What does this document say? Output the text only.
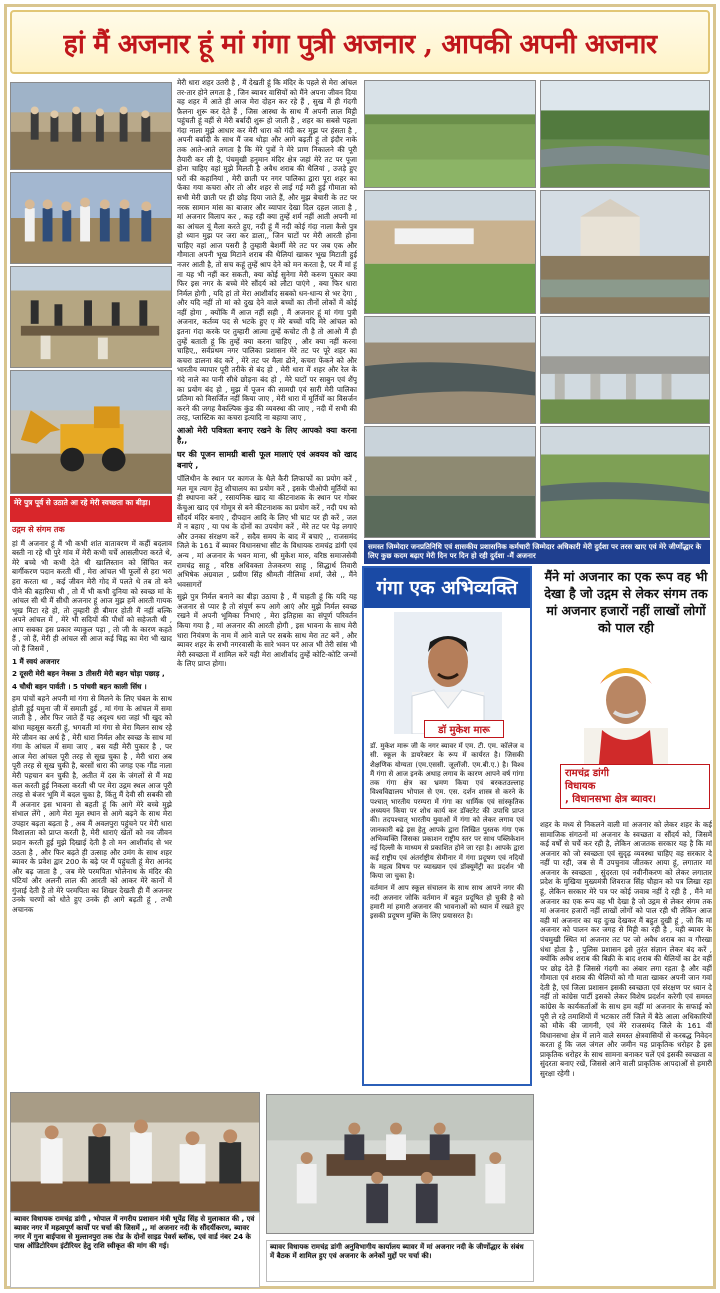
हां मैं अजनार हूं मां गंगा पुत्री अजनार , आपकी अपनी अजनार
मेरे पुत्र पूर्व से उठाते आ रहे मेरी स्वच्छता का बीड़ा।

उद्गम से संगम तक

हां मैं अजनार हूं मैं भी कभी शांत वातावरण में कहीं बदलाव बस्ती ना रहे थी पुरे गांव में मेरी कभी चर्चे आसलीपरा करते थे, मेरे बच्चे भी कभी देते थी खालिस्तान को सिंचित कर बार्गीकरण पदान करती थीं , मेरा आंचल भी फूलों से हरा भरा हरा करता था , कई जीवन मेरी गोद में पलते थे तब तो बने पीने की बहारिया थी , तो मैं भी कभी दुनिया को स्वच्छ मां के आंचल सी थी मैं सीधी अजनार हूं आज मुझ हमें आरती गायक भूख मिटा रहे हो, तो तुम्हारी ही बीमार होती मैं नहीं बल्कि अपने आंचल में , मेरे भी सदियों की पौधों को सहेजती थी , आप सबका इस प्रकार व्याकुल पड़ा , तो जी के कारण कहते हैं , जो हैं, मेरी ही आंचल सी आज कई चिह्न का मेरा भी खाद जो हैं जिसमें ,

1 मैं स्वयं अजनार

2 दूसरी मेरी बहन नेकस 3 तीसरी मेरी बहन चोड़ा पछाड़ ,

4 चौथी बहन पार्वती । 5 पांचवी बहन काली सिंध ।

हम पांचों बहने अपनी मां गंगा से मिलने के लिए चंबल के साथ होती हुई यमुना जी में समाती हुई , मां गंगा के आंचल में समा जाती है , और फिर जाते हैं यह अदृश्य धरा जहां भी खुद को बांधा महसूस करती हूं, भगवती मां गंगा से मेरा मिलन साथ रहे मेरे जीवन का अर्थ है , मेरी धारा निर्मल और स्वच्छ के साथ मां गंगा के आंचल में समा जाए , बस यही मेरी पुकार है , पर आज मेरा आंचल पूरी तरह से सूख चुका है , मेरी धारा अब पूरी तरह से सूख चुकी है, बरसों धारा की जगह एक गौंड नाला मेरी पहचान बन चुकी है, अतीत में दस के जंगलों से मैं मद्य कल करती हुई निकला करती थी पर मेरा उद्गम स्थल आज पूरी तरह से बंजर भूमि में बदल चुका है, किंतु मैं देवी सी सबकी सी मैं अजनार इस भावना से बहती हूं कि आगे मेरे बच्चे मुझे संभाल लेंगे , आगे मेरा मूल स्थान से आगे बढ़ने के साथ मेरा उपहार बढ़ता बढ़ता है , अब मैं अवलपुरा पहुंचने पर मेरी धारा विशालता को प्राप्त करती है, मेरी धाराएं खेतों को नव जीवन प्रदान करती हुई मुझे दिखाई देती है तो मन आशीर्वाद से भर उठता है , और फिर बढ़ते ही उत्साह और उमंग के साथ शहर ब्यावर के प्रवेश द्वार 200 के बढ़े पर मैं पहुंचती हूं मेरा आनंद और बढ़ जाता है , जब मेरे परमपिता भोलेनाथ के मंदिर की घंटियां और अलनी लाल की आरती को आकर मेरे कानों में गुंजाई देती है तो मेरे परमपिता का शिखर देखती ही मैं अजनार उनके चरणों को धोते हुए उनके ही आगे बढ़ती हूं , तभी अचानक

मेरी धारा शहर उतरी है , मैं देखती हूं कि मंदिर के पहले से मेरा आंचल तर-तार होने लगता है , जिन ब्यावर वासियों को मैंने अपना जीवन दिया वह शहर में आते ही आज मेरा दोहन कर रहे हैं , सुख में ही गंदगी फ़ैलना शुरू कर देते हैं , जिस आस्था के साथ मैं अपनी लाल मिट्टी पहुंचती हूं वहीं से मेरी बर्बादी शुरू हो जाती है , शहर का सबसे पहला गंदा नाला मुझे आधार कर मेरी धारा को गंदी कर मुझ पर हंसता है , अपनी बर्बादी के साथ मैं जब थोड़ा और आगे बढ़ती हूं तो इंदौर नाके तक आते-आते लगता है कि मेरे पुत्रों ने मेरे प्राण निकालने की पूरी तैयारी कर ली है, पंचमुखी हनुमान मंदिर क्षेत्र जहां मेरे तट पर पूजा होना चाहिए वहां मुझे मिलती है अवैध शराब की थैलियां , उजड़े हुए घरों की कहानियां , मेरी छाती पर नगर पालिका द्वारा पूरा शहर का फेंका गया कचरा और तो और शहर से लाई गई मरी हुई गौमाता को सभी मेरी छाती पर ही छोड़ दिया जाते हैं, और मुझ बेचारी के तट पर नरक सामान मांस का बाजार और व्यापार देखा दिल दहल जाता है , मां अजनार विलाप कर , कह रही क्या तुम्हें शर्म नहीं आती अपनी मां का आंचल यूं मैला करते हुए, नदी हूं मैं नदी कोई गंदा नाला कैसे पुत्र हो ध्यान मुझ पर जरा कर डाला,, जिन घाटों पर मेरी आरती होना चाहिए वहां आज पसरी है तुम्हारी बेशर्मी मेरे तट पर जब एक और गौमाता अपनी भूख मिटाने शराब की थैलियां खाकर भूख मिटाती हुई नजर आती है, तो सच कहूं तुम्हें श्राप देने को मन करता है, पर मैं मां हूं ना यह भी नहीं कर सकती, क्या कोई सुनेगा मेरी करुण पुकार क्या फिर इस नगर के बच्चे मेरे सौंदर्य को लौटा पाएंगे , क्या फिर धारा निर्मल होगी , यदि हां तो मेरा आशीर्वाद सबको धन-धान्य से भर देगा , और यदि नहीं तो मां को दुख देने वाले बच्चों का तीनों लोकों में कोई नहीं होगा , क्योंकि मैं आज नहीं सही , मैं अजनार हूं मां गंगा पुत्री अजनार, कर्तव्य पद से भटके हुए ए मेरे बच्चों यदि मेरे आंचल को इतना गंदा करके पर तुम्हारी आत्मा तुम्हें कचोट ती है तो आओ मैं ही तुम्हें बताती हूं कि तुम्हें क्या करना चाहिए , और क्या नहीं करना चाहिए,, सर्वप्रथम नगर पालिका प्रशासन मेरे तट पर पूरे शहर का कचरा डालना बंद करें , मेरे तट पर मैला ढोने, कचरा फेंकने को और भारतीय व्यापार पूरी तरीके से बंद हो , मेरी धारा में शहर और रेल के गंदे नाले का पानी सीधे छोड़ना बंद हो , मेरे घाटों पर साबुन एवं शैंपू का प्रयोग बंद हो , मुझ में पूजन की सामग्री एवं सारी मेरी पालिका प्रतिमा को विसर्जित नहीं किया जाए , मेरी धारा में मूर्तियों का विसर्जन करने की जगह वैकल्पिक कुंड की व्यवस्था की जाए , नदी में सभी की तरह, प्लास्टिक का कचरा इत्यादि ना बहाया जाए ,

आओ मेरी पवित्रता बनाए रखने के लिए आपको क्या करना है,,

घर की पूजन सामग्री बासी फूल मालाएं एवं अवयव को खाद बनाएं ,

पॉलिथीन के स्थान पर कागज के थैले कैरी लिफाफों का प्रयोग करें , मल मूत्र त्याग हेतु शौचालय का प्रयोग करें , इसके पीओपी मूर्तियों का ही स्थापना करें , रसायनिक खाद या कीटनाशक के स्थान पर गोबर केंचुआ खाद एवं गोमूत्र से बने कीटनाशक का प्रयोग करें , नदी पथ को सौंदर्य मंदिर बनाएं , दीपदान आदि के लिए भी घाट पर ही करें , जल में न बहाए , या पथ के दोनों का उपयोग करें , मेरे तट पर पेड़ लगाएं और उनका संरक्षण करें , सदैव समय के बाद में बचाएं ,, राजसमंद जिले के 161 वें ब्यावर विधानसभा सीट के विधायक रामचंद्र डांगी एवं अन्य , मां अजनार के भवन माना, श्री मुकेश मारु, वरिष्ठ समाजसेवी रामचंद्र साहू , वरिष्ठ अधिवक्ता तेजकरण साहू , सिद्धार्थ तिवारी अभिषेक अग्रवाल , प्रवीण सिंह श्रीमती नीलिमा शर्मा, जैसे ,, मैंने भवसागरों

सुझे पुत्र निर्मल बनाने का बीड़ा उठाया है , मैं चाहती हूं कि यदि यह अजनार से प्यार है तो संपूर्ण रूप आगे आएं और मुझे निर्मल स्वच्छ रखने में अपनी भूमिका निभाएं , मेरा इतिहास का संपूर्ण परिवर्तन किया गया है , मां अजनार की आरती होगी , इस भावना के साथ मेरी धारा नियंत्रण के नाम में आने वाले पर सबके साथ मेरा तट बनें , और ब्यावर शहर के सभी नगरवासी के सारे भवन पर आज भी तेरी सांस भी मेरी स्वच्छता में शामिल करें यही मेरा आशीर्वाद तुम्हें कोटि-कोटि जन्मों के लिए प्राप्त होगा।

समस्त जिम्मेदार जनप्रतिनिधि एवं शासकीय प्रशासनिक कर्मचारी जिम्मेदार अधिकारी मेरी दुर्दशा पर तरस खाए एवं मेरे जीर्णोद्धार के लिए कुछ कदम बढ़ाए मेरी दिन पर दिन हो रही दुर्दशा -मैं अजनार
गंगा एक अभिव्यक्ति
डॉ मुकेश मारू

डॉ. मुकेश मारू जी के नगर ब्यावर में एम. टी. एम. कॉलेज व सी. स्कूल के डायरेक्टर के रूप में कार्यरत है। जिसकी शैक्षणिक योग्यता (एम.एससी. जूलॉजी. एम.बी.ए.) है। विश्व मैं गंगा से आज इनके अथाह लगाव के कारण आपने वर्ष गांगा तक गंगा क्षेत्र का भ्रमण किया एवं बरकतउल्लाह विश्वविद्यालय भोपाल से एम. एस. दर्शन शास्त्र से करने के पश्चात् भारतीय परम्परा में गंगा का धार्मिक एवं सांस्कृतिक अध्ययन किया पर शोध कार्य कर डॉक्टरेट की उपाधि प्राप्त की। तदपश्चात् भारतीय युवाओं में गंगा को लेकर लगाव एवं जानकारी बढ़े इस हेतु आपके द्वारा लिखित पुस्तक गंगा एक अभिव्यक्ति जिसका प्रकाशन राष्ट्रीय स्तर पर साथ पब्लिकेशन नई दिल्ली के माध्यम से प्रकाशित होने जा रहा है। आपके द्वारा कई राष्ट्रीय एवं अंतर्राष्ट्रीय सेमीनार में गंगा प्रदूषण एवं नदियों के महत्व विषय पर व्याख्यान एवं डॉक्यूमेंट्री का प्रदर्शन भी किया जा चुका है।

वर्तमान में आप स्कूल संचालन के साथ साथ आपने नगर की नदी अजनार जोकि वर्तमान में बहुत प्रदूषित हो चुकी है को हमारी मां हमारी अजनार की भावनाओं को ध्यान में रखते हुए इसकी प्रदूषण मुक्ति के लिए प्रयासरत है।

मैंने मां अजनार का एक रूप वह भी देखा है जो उद्गम से लेकर संगम तक मां अजनार हजारों नहीं लाखों लोगों को पाल रही
रामचंद्र डांगी
विधायक
, विधानसभा क्षेत्र ब्यावर।

शहर के मध्य से निकलने वाली मां अजनार को लेकर शहर के कई सामाजिक संगठनों मां अजनार के स्वच्छता व सौंदर्य को, जिसमें कई वर्षों से चर्चे कर रही है, लेकिन आजतक सरकार यह है कि मां अजनार को जो स्वच्छता एवं सुदृढ़ व्यवस्था चाहिए वह सरकार दे नहीं पा रही, जब से मैं उपचुनाव जीतकर आया हूं, लगातार मां अजनार के स्वच्छता , सुंदरता एवं नवीनीकरण को लेकर लगातार प्रदेश के मुखिया मुख्यमंत्री शिवराज सिंह चौहान को पत्र लिखा रहा हूं, लेकिन सरकार मेरे पत्र पर कोई जवाब नहीं दे रही है , मैंने मां अजनार का एक रूप वह भी देखा है जो उद्गम से लेकर संगम तक मां अजनार हजारों नहीं लाखों लोगों को पाल रही थी लेकिन आज वही मां अजनार का यह दुःख देखकर मैं बहुत दुखी हूं , जो कि मां अजनार को पालन कर जगह से मिट्टी का रही है , यही ब्यावर के पंचमुखी स्थित मां अजनार तट पर जो अवैध शराब का व गौरखा धंधा होता है , पुलिस प्रशासन इसे तुरंत संज्ञान लेकर बंद करें , क्योंकि अवैध शराब की बिक्री के बाद शराब की थैलियों का ढेर वहीं पर छोड़ देते हैं जिससे गंदगी का अंबार लगा रहता है और वहीं गौमाता एवं शराब की थैलियों को गौ माता खाकर अपनी जान गवां देती है, एवं जिला प्रशासन इसकी स्वच्छता एवं संरक्षण पर ध्यान दे नहीं तो कांग्रेस पार्टी इसको लेकर विशेष प्रदर्शन करेगी एवं समस्त कांग्रेस के कार्यकर्ताओं के साथ हम वहीं मां अजनार के सफाई को पूरी ले रहे तमाशियों में भटकार तरीं जिले में बैठे आला अधिकारियों को मौके की जागनी, एवं मेरे राजसमंद जिले के 161 वीं विधानसभा क्षेत्र में लाने वाले समस्त क्षेत्रवासियों से करबद्ध निवेदन करता हूं कि जल जंगल और जमीन यह प्राकृतिक धरोहर है इस प्राकृतिक धरोहर के साथ सामना बनाकर चलें एवं इसकी स्वच्छता व सुंदरता बनाए रखें, जिससे आने वाली प्राकृतिक आपदाओं से हमारी सुरक्षा रहेगी ।

ब्यावर विधायक रामचंद्र डांगी , भोपाल में नगरीय प्रशासन मंत्री भूपेंद्र सिंह से मुलाकात की , एवं ब्यावर नगर में महत्वपूर्ण कार्यों पर चर्चा की जिसमें ,, मां अजनार नदी के सौंदर्यीकरण, ब्यावर नगर में गुना बाईपास से मुल्तानपुरा तक रोड के दोनों साइड पेवर्स ब्लॉक, एवं वार्ड नंबर 24 के पास ऑडिटोरियम इंटीरियर हेतु राशि स्वीकृत की मांग की गई।	ब्यावर विधायक रामचंद्र डांगी अनुविभागीय कार्यालय ब्यावर में मां अजनार नदी के जीर्णोद्धार के संबंध में बैठक में शामिल हुए एवं अजनार के अनेकों मुद्दों पर चर्चा की।
